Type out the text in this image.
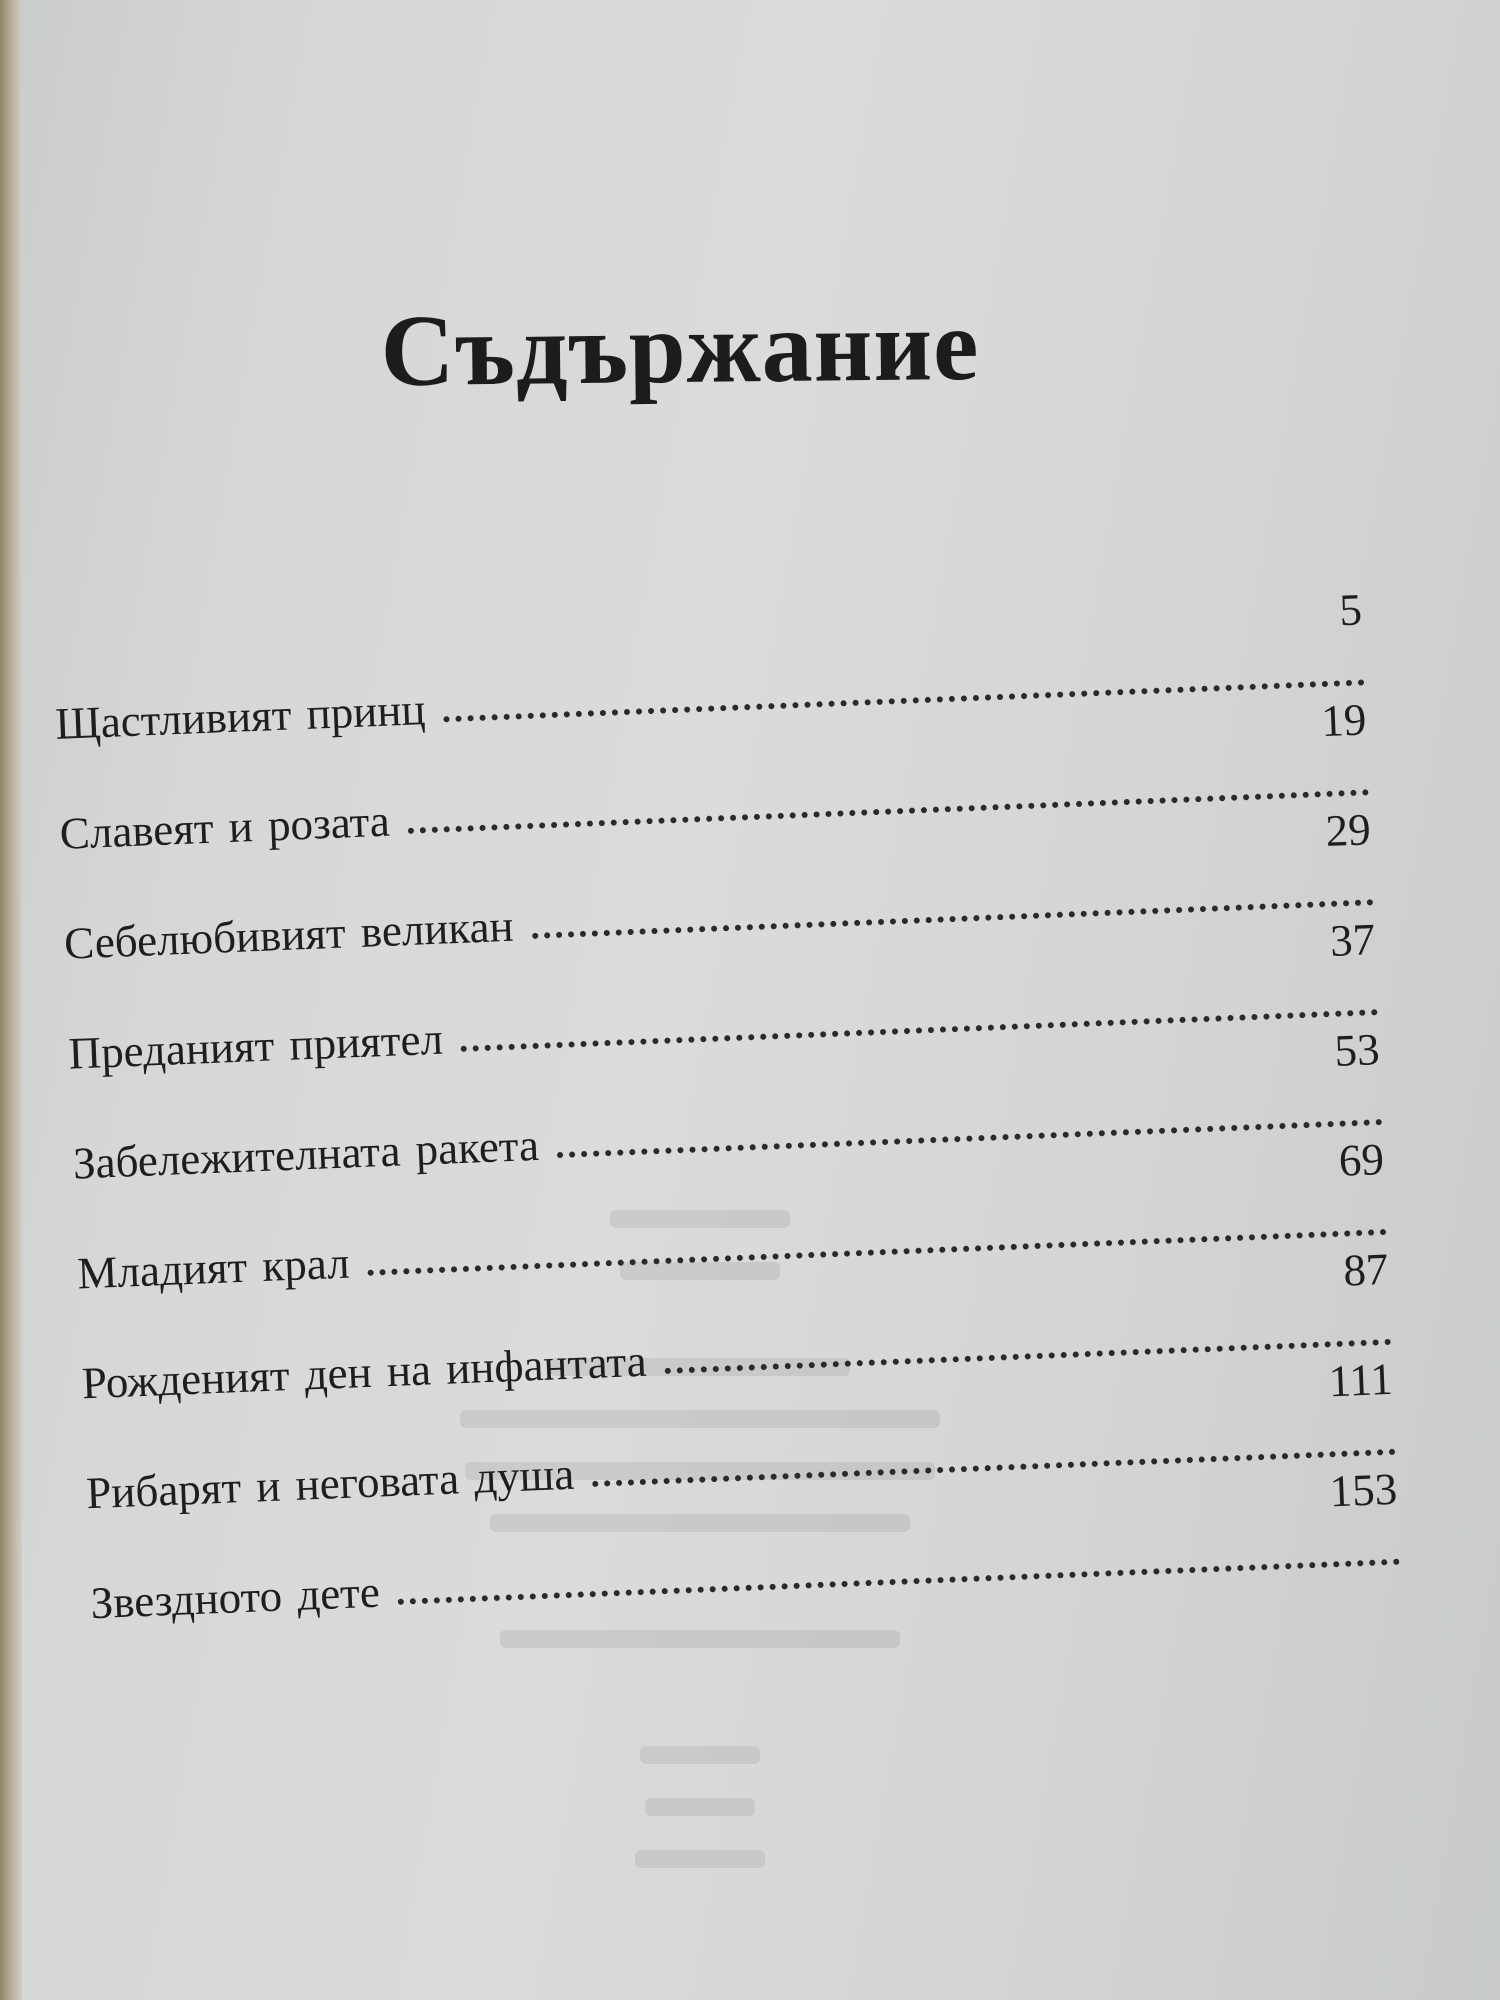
Съдържание
Щастливият принц
5
Славеят и розата
19
Себелюбивият великан
29
Преданият приятел
37
Забележителната ракета
53
Младият крал
69
Рожденият ден на инфантата
87
Рибарят и неговата душа
111
Звездното дете
153
